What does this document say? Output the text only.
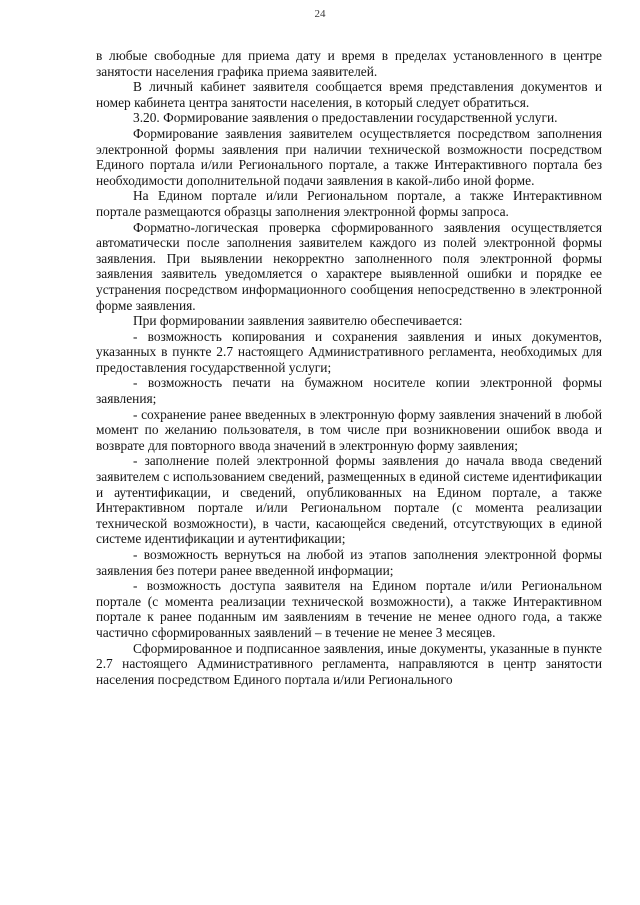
24

в любые свободные для приема дату и время в пределах установленного в центре занятости населения графика приема заявителей.

В личный кабинет заявителя сообщается время представления документов и номер кабинета центра занятости населения, в который следует обратиться.

3.20. Формирование заявления о предоставлении государственной услуги.

Формирование заявления заявителем осуществляется посредством заполнения электронной формы заявления при наличии технической возможности посредством Единого портала и/или Регионального портале, а также Интерактивного портала без необходимости дополнительной подачи заявления в какой-либо иной форме.

На Едином портале и/или Региональном портале, а также Интерактивном портале размещаются образцы заполнения электронной формы запроса.

Форматно-логическая проверка сформированного заявления осуществляется автоматически после заполнения заявителем каждого из полей электронной формы заявления. При выявлении некорректно заполненного поля электронной формы заявления заявитель уведомляется о характере выявленной ошибки и порядке ее устранения посредством информационного сообщения непосредственно в электронной форме заявления.

При формировании заявления заявителю обеспечивается:

- возможность копирования и сохранения заявления и иных документов, указанных в пункте 2.7 настоящего Административного регламента, необходимых для предоставления государственной услуги;

- возможность печати на бумажном носителе копии электронной формы заявления;

- сохранение ранее введенных в электронную форму заявления значений в любой момент по желанию пользователя, в том числе при возникновении ошибок ввода и возврате для повторного ввода значений в электронную форму заявления;

- заполнение полей электронной формы заявления до начала ввода сведений заявителем с использованием сведений, размещенных в единой системе идентификации и аутентификации, и сведений, опубликованных на Едином портале, а также Интерактивном портале и/или Региональном портале (с момента реализации технической возможности), в части, касающейся сведений, отсутствующих в единой системе идентификации и аутентификации;

- возможность вернуться на любой из этапов заполнения электронной формы заявления без потери ранее введенной информации;

- возможность доступа заявителя на Едином портале и/или Региональном портале (с момента реализации технической возможности), а также Интерактивном портале к ранее поданным им заявлениям в течение не менее одного года, а также частично сформированных заявлений – в течение не менее 3 месяцев.

Сформированное и подписанное заявления, иные документы, указанные в пункте 2.7 настоящего Административного регламента, направляются в центр занятости населения посредством Единого портала и/или Регионального
